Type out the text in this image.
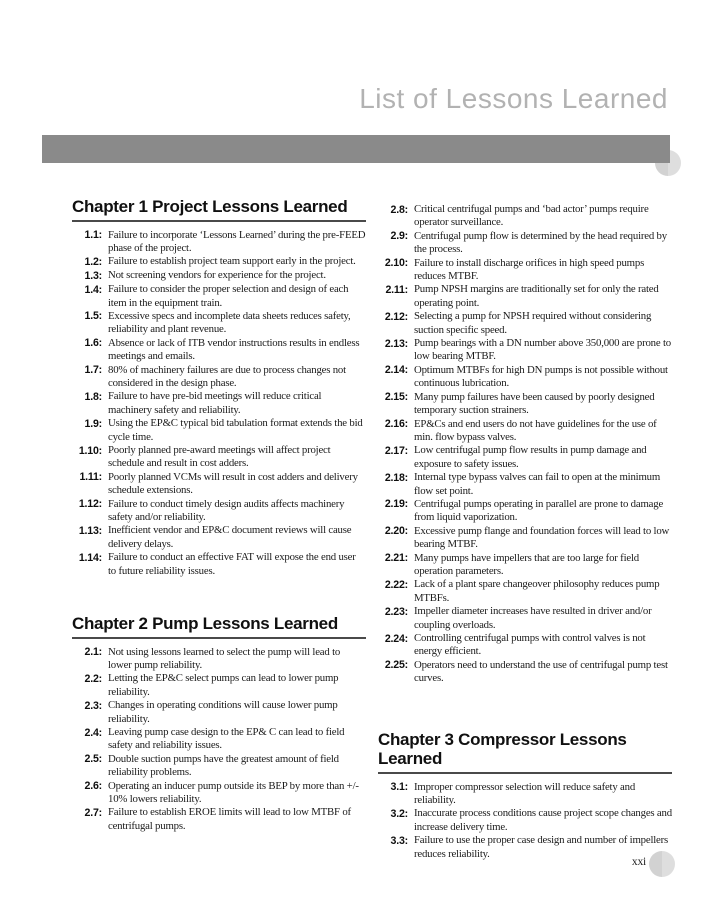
List of Lessons Learned
Chapter 1 Project Lessons Learned
1.1: Failure to incorporate ‘Lessons Learned’ during the pre-FEED phase of the project.
1.2: Failure to establish project team support early in the project.
1.3: Not screening vendors for experience for the project.
1.4: Failure to consider the proper selection and design of each item in the equipment train.
1.5: Excessive specs and incomplete data sheets reduces safety, reliability and plant revenue.
1.6: Absence or lack of ITB vendor instructions results in endless meetings and emails.
1.7: 80% of machinery failures are due to process changes not considered in the design phase.
1.8: Failure to have pre-bid meetings will reduce critical machinery safety and reliability.
1.9: Using the EP&C typical bid tabulation format extends the bid cycle time.
1.10: Poorly planned pre-award meetings will affect project schedule and result in cost adders.
1.11: Poorly planned VCMs will result in cost adders and delivery schedule extensions.
1.12: Failure to conduct timely design audits affects machinery safety and/or reliability.
1.13: Inefficient vendor and EP&C document reviews will cause delivery delays.
1.14: Failure to conduct an effective FAT will expose the end user to future reliability issues.
Chapter 2 Pump Lessons Learned
2.1: Not using lessons learned to select the pump will lead to lower pump reliability.
2.2: Letting the EP&C select pumps can lead to lower pump reliability.
2.3: Changes in operating conditions will cause lower pump reliability.
2.4: Leaving pump case design to the EP& C can lead to field safety and reliability issues.
2.5: Double suction pumps have the greatest amount of field reliability problems.
2.6: Operating an inducer pump outside its BEP by more than +/- 10% lowers reliability.
2.7: Failure to establish EROE limits will lead to low MTBF of centrifugal pumps.
2.8: Critical centrifugal pumps and ‘bad actor’ pumps require operator surveillance.
2.9: Centrifugal pump flow is determined by the head required by the process.
2.10: Failure to install discharge orifices in high speed pumps reduces MTBF.
2.11: Pump NPSH margins are traditionally set for only the rated operating point.
2.12: Selecting a pump for NPSH required without considering suction specific speed.
2.13: Pump bearings with a DN number above 350,000 are prone to low bearing MTBF.
2.14: Optimum MTBFs for high DN pumps is not possible without continuous lubrication.
2.15: Many pump failures have been caused by poorly designed temporary suction strainers.
2.16: EP&Cs and end users do not have guidelines for the use of min. flow bypass valves.
2.17: Low centrifugal pump flow results in pump damage and exposure to safety issues.
2.18: Internal type bypass valves can fail to open at the minimum flow set point.
2.19: Centrifugal pumps operating in parallel are prone to damage from liquid vaporization.
2.20: Excessive pump flange and foundation forces will lead to low bearing MTBF.
2.21: Many pumps have impellers that are too large for field operation parameters.
2.22: Lack of a plant spare changeover philosophy reduces pump MTBFs.
2.23: Impeller diameter increases have resulted in driver and/or coupling overloads.
2.24: Controlling centrifugal pumps with control valves is not energy efficient.
2.25: Operators need to understand the use of centrifugal pump test curves.
Chapter 3 Compressor Lessons Learned
3.1: Improper compressor selection will reduce safety and reliability.
3.2: Inaccurate process conditions cause project scope changes and increase delivery time.
3.3: Failure to use the proper case design and number of impellers reduces reliability.
xxi
